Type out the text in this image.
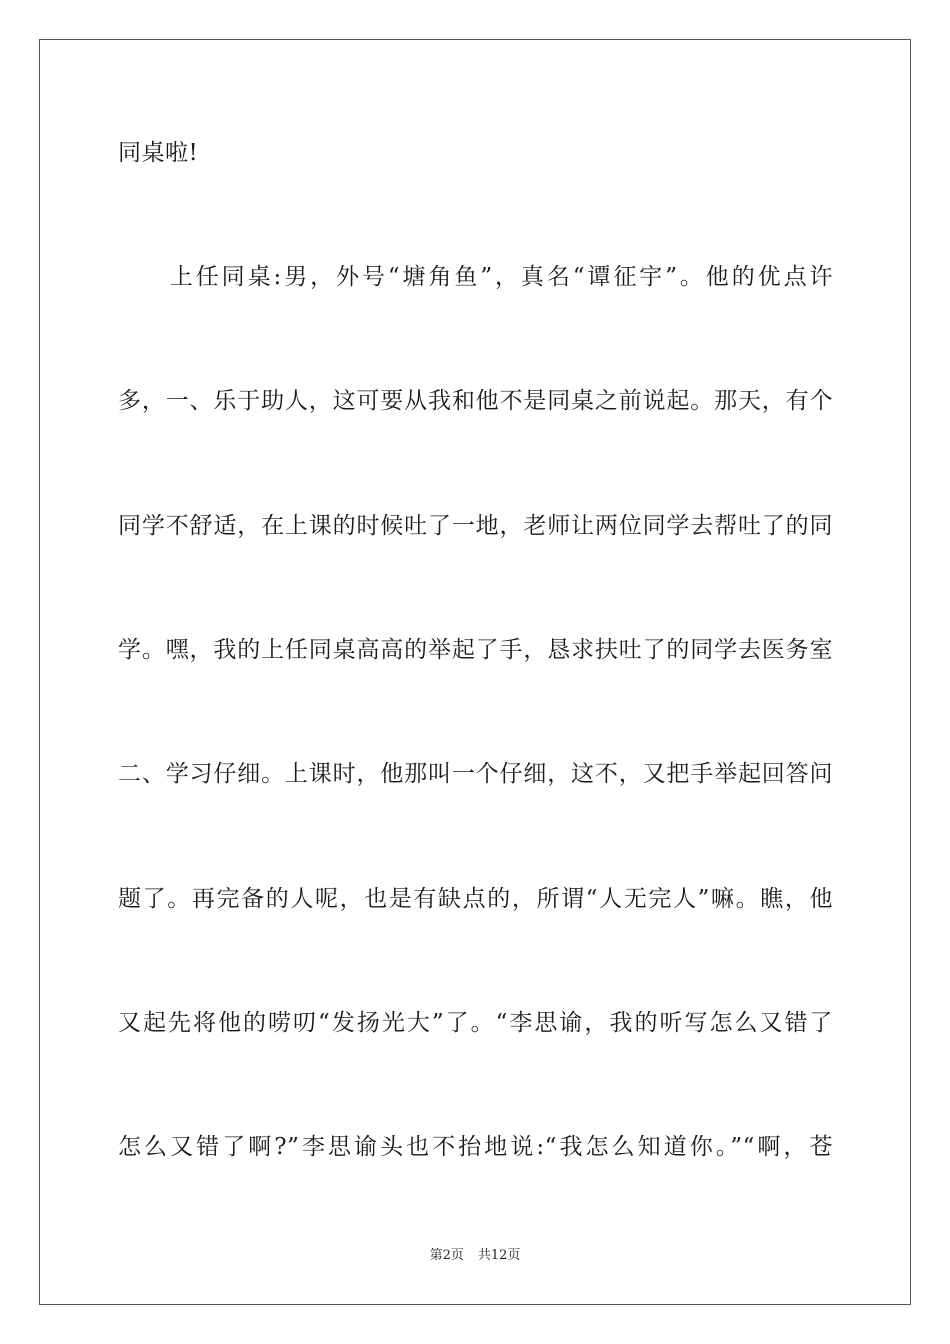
同桌啦!
　　上任同桌:男，外号“塘角鱼”，真名“谭征宇”。他的优点许
多，一、乐于助人，这可要从我和他不是同桌之前说起。那天，有个
同学不舒适，在上课的时候吐了一地，老师让两位同学去帮吐了的同
学。嘿，我的上任同桌高高的举起了手，恳求扶吐了的同学去医务室
二、学习仔细。上课时，他那叫一个仔细，这不，又把手举起回答问
题了。再完备的人呢，也是有缺点的，所谓“人无完人”嘛。瞧，他
又起先将他的唠叨“发扬光大”了。“李思谕，我的听写怎么又错了
怎么又错了啊?”李思谕头也不抬地说:“我怎么知道你。”“啊，苍
第2页 共12页
